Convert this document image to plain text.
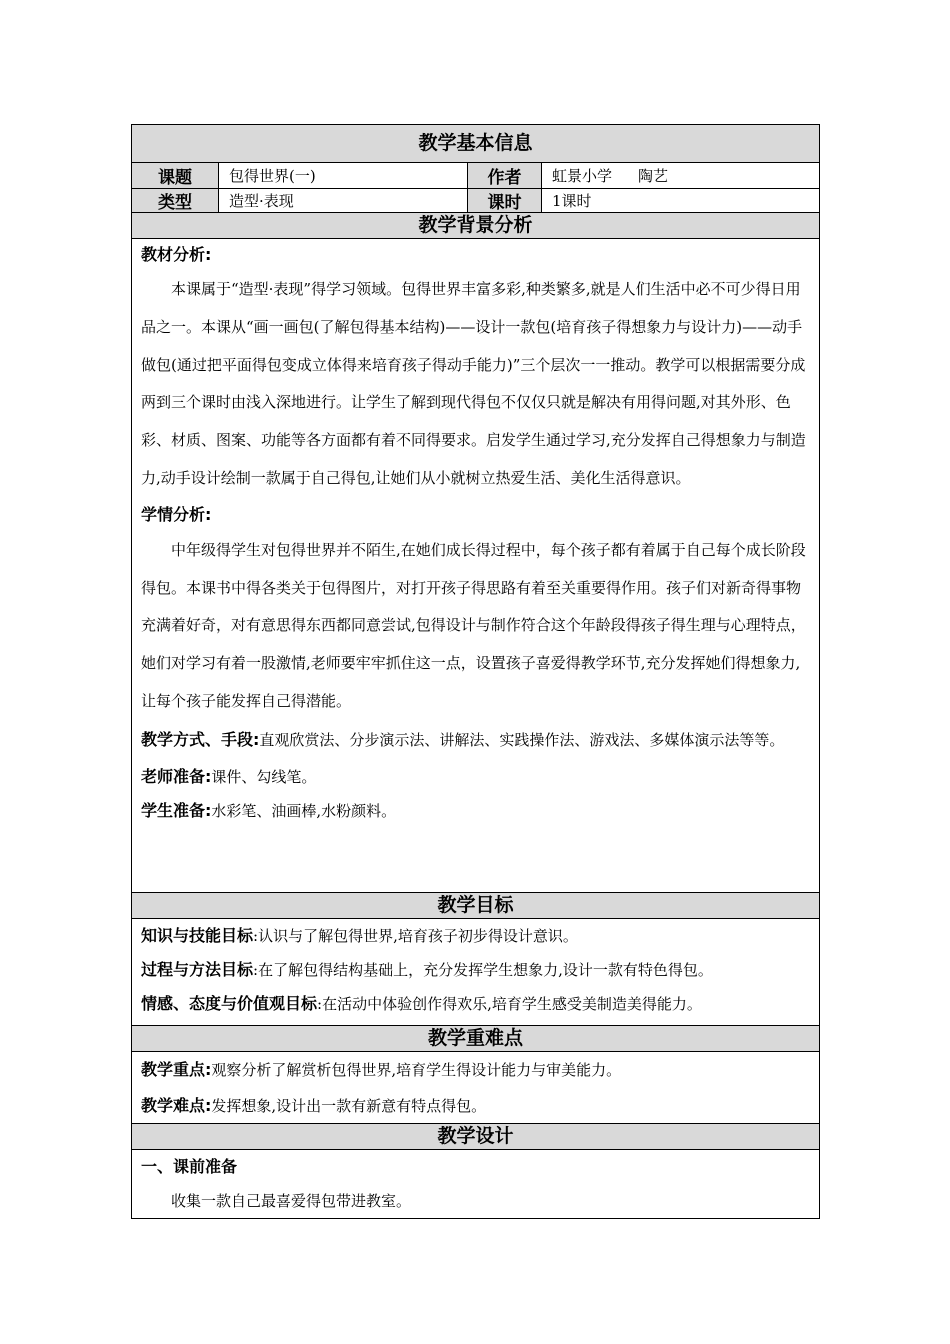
教学基本信息
课题	包得世界(一)	作者	虹景小学 陶艺
类型	造型·表现	课时	1课时
教学背景分析

教材分析:

本课属于“造型·表现”得学习领域。包得世界丰富多彩,种类繁多,就是人们生活中必不可少得日用品之一。本课从“画一画包(了解包得基本结构)——设计一款包(培育孩子得想象力与设计力)——动手做包(通过把平面得包变成立体得来培育孩子得动手能力)”三个层次一一推动。教学可以根据需要分成两到三个课时由浅入深地进行。让学生了解到现代得包不仅仅只就是解决有用得问题,对其外形、色彩、材质、图案、功能等各方面都有着不同得要求。启发学生通过学习,充分发挥自己得想象力与制造力,动手设计绘制一款属于自己得包,让她们从小就树立热爱生活、美化生活得意识。

学情分析:

中年级得学生对包得世界并不陌生,在她们成长得过程中，每个孩子都有着属于自己每个成长阶段得包。本课书中得各类关于包得图片，对打开孩子得思路有着至关重要得作用。孩子们对新奇得事物充满着好奇，对有意思得东西都同意尝试,包得设计与制作符合这个年龄段得孩子得生理与心理特点，她们对学习有着一股激情,老师要牢牢抓住这一点，设置孩子喜爱得教学环节,充分发挥她们得想象力,让每个孩子能发挥自己得潜能。

教学方式、手段:直观欣赏法、分步演示法、讲解法、实践操作法、游戏法、多媒体演示法等等。

老师准备:课件、勾线笔。

学生准备:水彩笔、油画棒,水粉颜料。

教学目标

知识与技能目标:认识与了解包得世界,培育孩子初步得设计意识。

过程与方法目标:在了解包得结构基础上，充分发挥学生想象力,设计一款有特色得包。

情感、态度与价值观目标:在活动中体验创作得欢乐,培育学生感受美制造美得能力。

教学重难点

教学重点:观察分析了解赏析包得世界,培育学生得设计能力与审美能力。

教学难点:发挥想象,设计出一款有新意有特点得包。

教学设计

一、课前准备

收集一款自己最喜爱得包带进教室。
